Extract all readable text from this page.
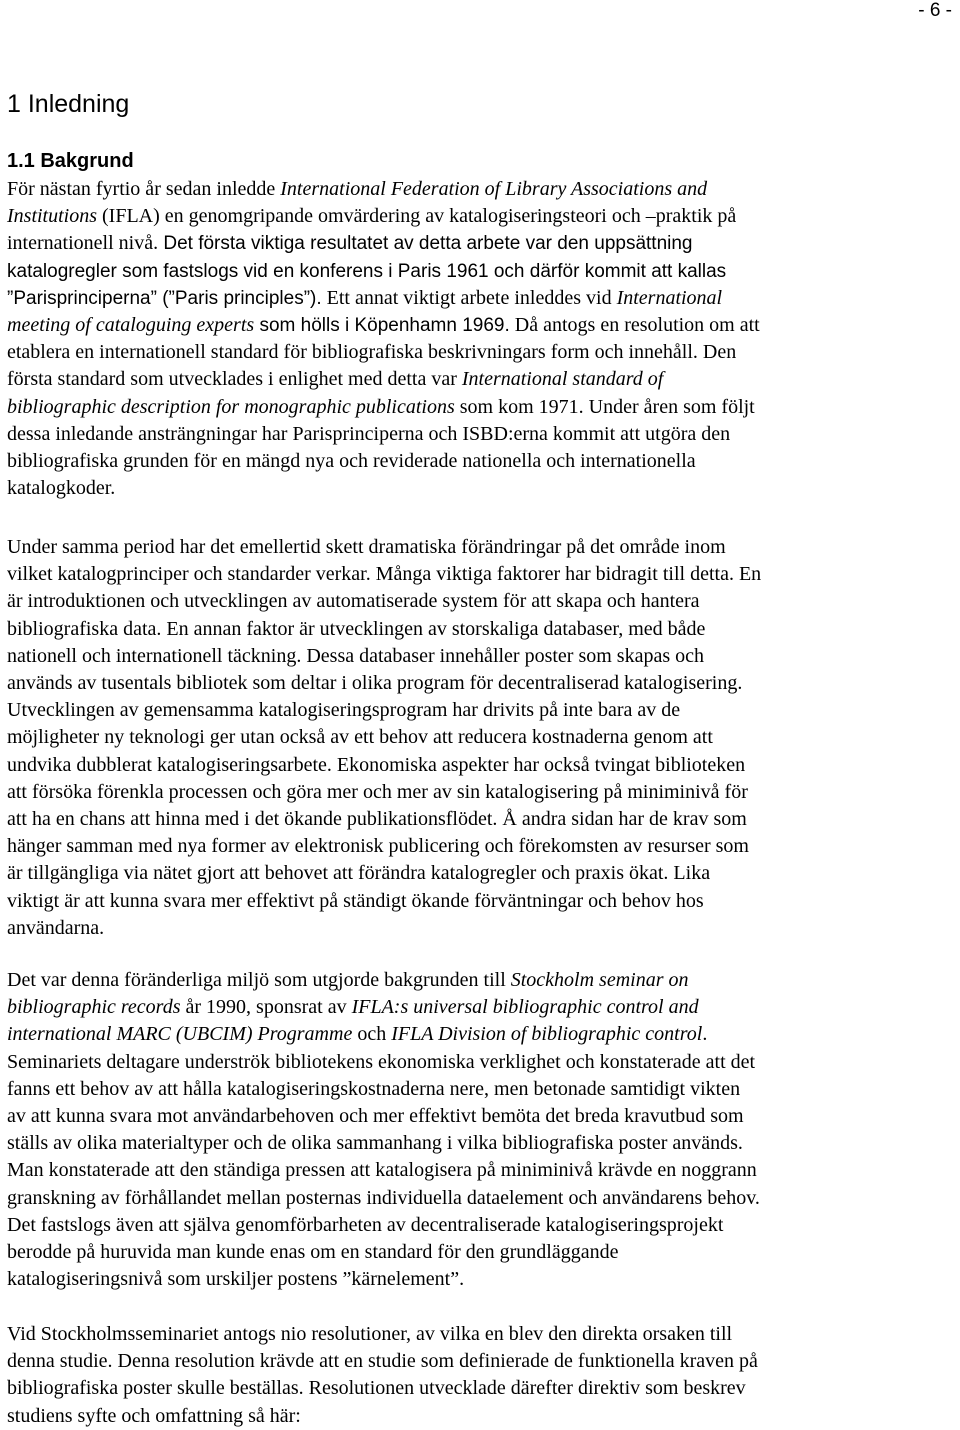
- 6 -
1 Inledning
1.1 Bakgrund

För nästan fyrtio år sedan inledde International Federation of Library Associations and
Institutions (IFLA) en genomgripande omvärdering av katalogiseringsteori och –praktik på
internationell nivå. Det första viktiga resultatet av detta arbete var den uppsättning
katalogregler som fastslogs vid en konferens i Paris 1961 och därför kommit att kallas
”Parisprinciperna” (”Paris principles”). Ett annat viktigt arbete inleddes vid International
meeting of cataloguing experts som hölls i Köpenhamn 1969. Då antogs en resolution om att
etablera en internationell standard för bibliografiska beskrivningars form och innehåll. Den
första standard som utvecklades i enlighet med detta var International standard of
bibliographic description for monographic publications som kom 1971. Under åren som följt
dessa inledande ansträngningar har Parisprinciperna och ISBD:erna kommit att utgöra den
bibliografiska grunden för en mängd nya och reviderade nationella och internationella
katalogkoder.

Under samma period har det emellertid skett dramatiska förändringar på det område inom
vilket katalogprinciper och standarder verkar. Många viktiga faktorer har bidragit till detta. En
är introduktionen och utvecklingen av automatiserade system för att skapa och hantera
bibliografiska data. En annan faktor är utvecklingen av storskaliga databaser, med både
nationell och internationell täckning. Dessa databaser innehåller poster som skapas och
används av tusentals bibliotek som deltar i olika program för decentraliserad katalogisering.
Utvecklingen av gemensamma katalogiseringsprogram har drivits på inte bara av de
möjligheter ny teknologi ger utan också av ett behov att reducera kostnaderna genom att
undvika dubblerat katalogiseringsarbete. Ekonomiska aspekter har också tvingat biblioteken
att försöka förenkla processen och göra mer och mer av sin katalogisering på miniminivå för
att ha en chans att hinna med i det ökande publikationsflödet. Å andra sidan har de krav som
hänger samman med nya former av elektronisk publicering och förekomsten av resurser som
är tillgängliga via nätet gjort att behovet att förändra katalogregler och praxis ökat. Lika
viktigt är att kunna svara mer effektivt på ständigt ökande förväntningar och behov hos
användarna.

Det var denna föränderliga miljö som utgjorde bakgrunden till Stockholm seminar on
bibliographic records år 1990, sponsrat av IFLA:s universal bibliographic control and
international MARC (UBCIM) Programme och IFLA Division of bibliographic control.
Seminariets deltagare underströk bibliotekens ekonomiska verklighet och konstaterade att det
fanns ett behov av att hålla katalogiseringskostnaderna nere, men betonade samtidigt vikten
av att kunna svara mot användarbehoven och mer effektivt bemöta det breda kravutbud som
ställs av olika materialtyper och de olika sammanhang i vilka bibliografiska poster används.
Man konstaterade att den ständiga pressen att katalogisera på miniminivå krävde en noggrann
granskning av förhållandet mellan posternas individuella dataelement och användarens behov.
Det fastslogs även att själva genomförbarheten av decentraliserade katalogiseringsprojekt
berodde på huruvida man kunde enas om en standard för den grundläggande
katalogiseringsnivå som urskiljer postens ”kärnelement”.

Vid Stockholmsseminariet antogs nio resolutioner, av vilka en blev den direkta orsaken till
denna studie. Denna resolution krävde att en studie som definierade de funktionella kraven på
bibliografiska poster skulle beställas. Resolutionen utvecklade därefter direktiv som beskrev
studiens syfte och omfattning så här:
